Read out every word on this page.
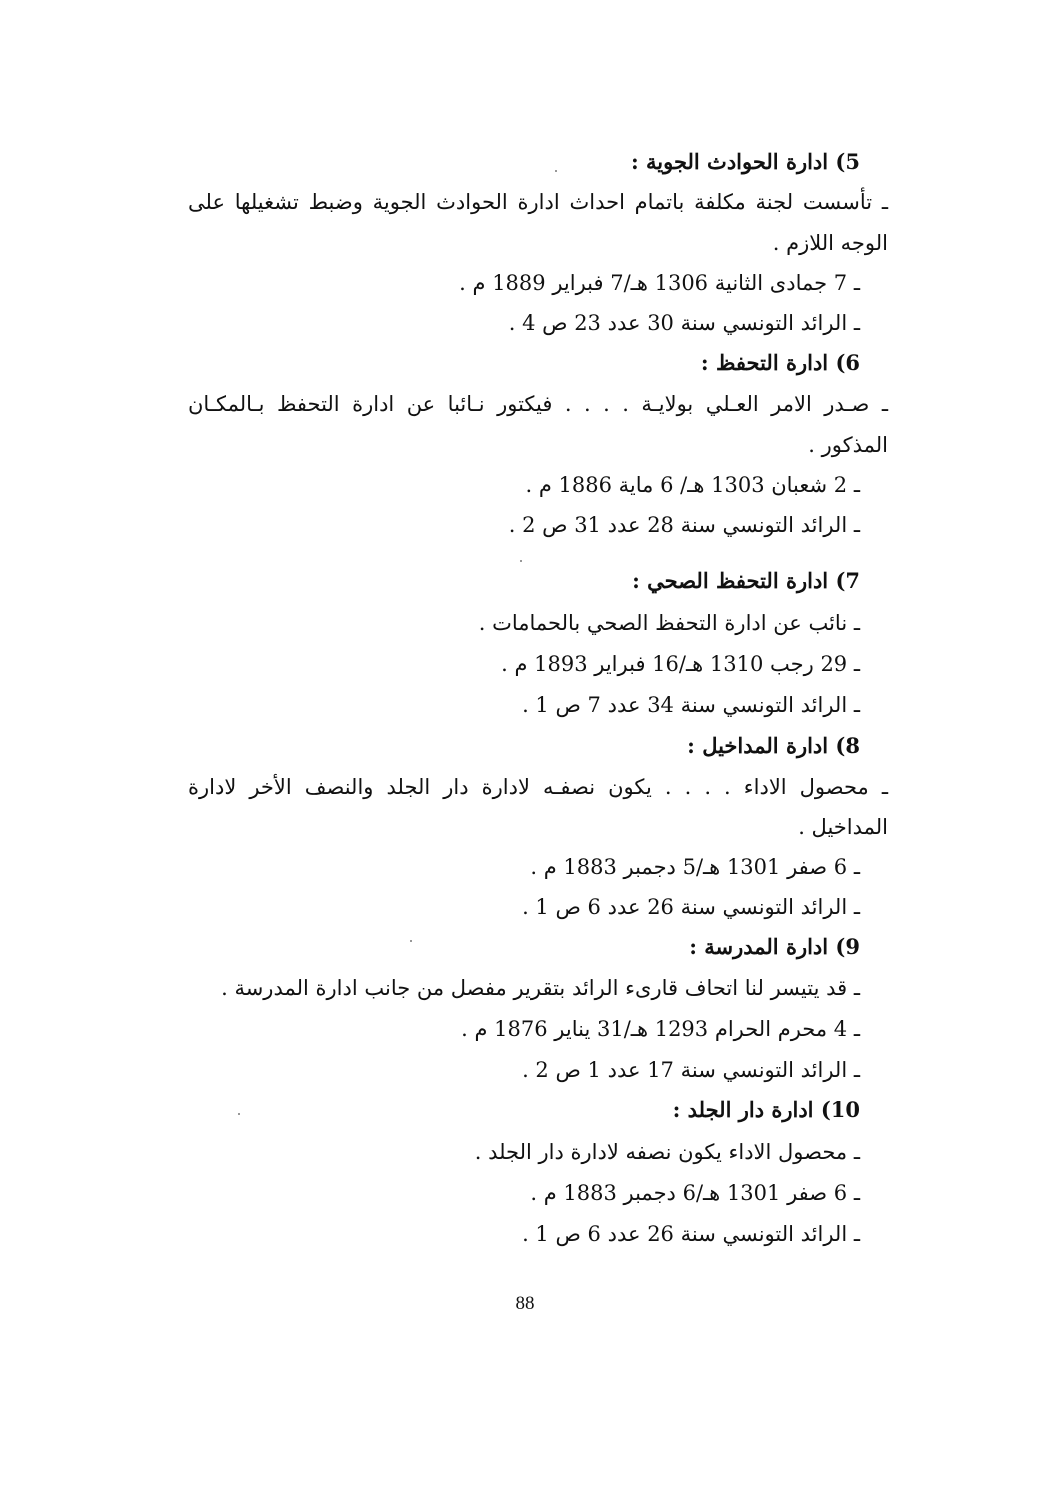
5) ادارة الحوادث الجوية :
ـ تأسست لجنة مكلفة باتمام احداث ادارة الحوادث الجوية وضبط تشغيلها على
الوجه اللازم .
ـ 7 جمادى الثانية 1306 هـ/7 فبراير 1889 م .
ـ الرائد التونسي سنة 30 عدد 23 ص 4 .
6) ادارة التحفظ :
ـ صـدر الامر العـلي بولايـة . . . . فيكتور نـائبا عن ادارة التحفظ بـالمكـان
المذكور .
ـ 2 شعبان 1303 هـ/ 6 ماية 1886 م .
ـ الرائد التونسي سنة 28 عدد 31 ص 2 .
7) ادارة التحفظ الصحي :
ـ نائب عن ادارة التحفظ الصحي بالحمامات .
ـ 29 رجب 1310 هـ/16 فبراير 1893 م .
ـ الرائد التونسي سنة 34 عدد 7 ص 1 .
8) ادارة المداخيل :
ـ محصول الاداء . . . . يكون نصفـه لادارة دار الجلد والنصف الأخر لادارة
المداخيل .
ـ 6 صفر 1301 هـ/5 دجمبر 1883 م .
ـ الرائد التونسي سنة 26 عدد 6 ص 1 .
9) ادارة المدرسة :
ـ قد يتيسر لنا اتحاف قارىء الرائد بتقرير مفصل من جانب ادارة المدرسة .
ـ 4 محرم الحرام 1293 هـ/31 يناير 1876 م .
ـ الرائد التونسي سنة 17 عدد 1 ص 2 .
10) ادارة دار الجلد :
ـ محصول الاداء يكون نصفه لادارة دار الجلد .
ـ 6 صفر 1301 هـ/6 دجمبر 1883 م .
ـ الرائد التونسي سنة 26 عدد 6 ص 1 .
88
